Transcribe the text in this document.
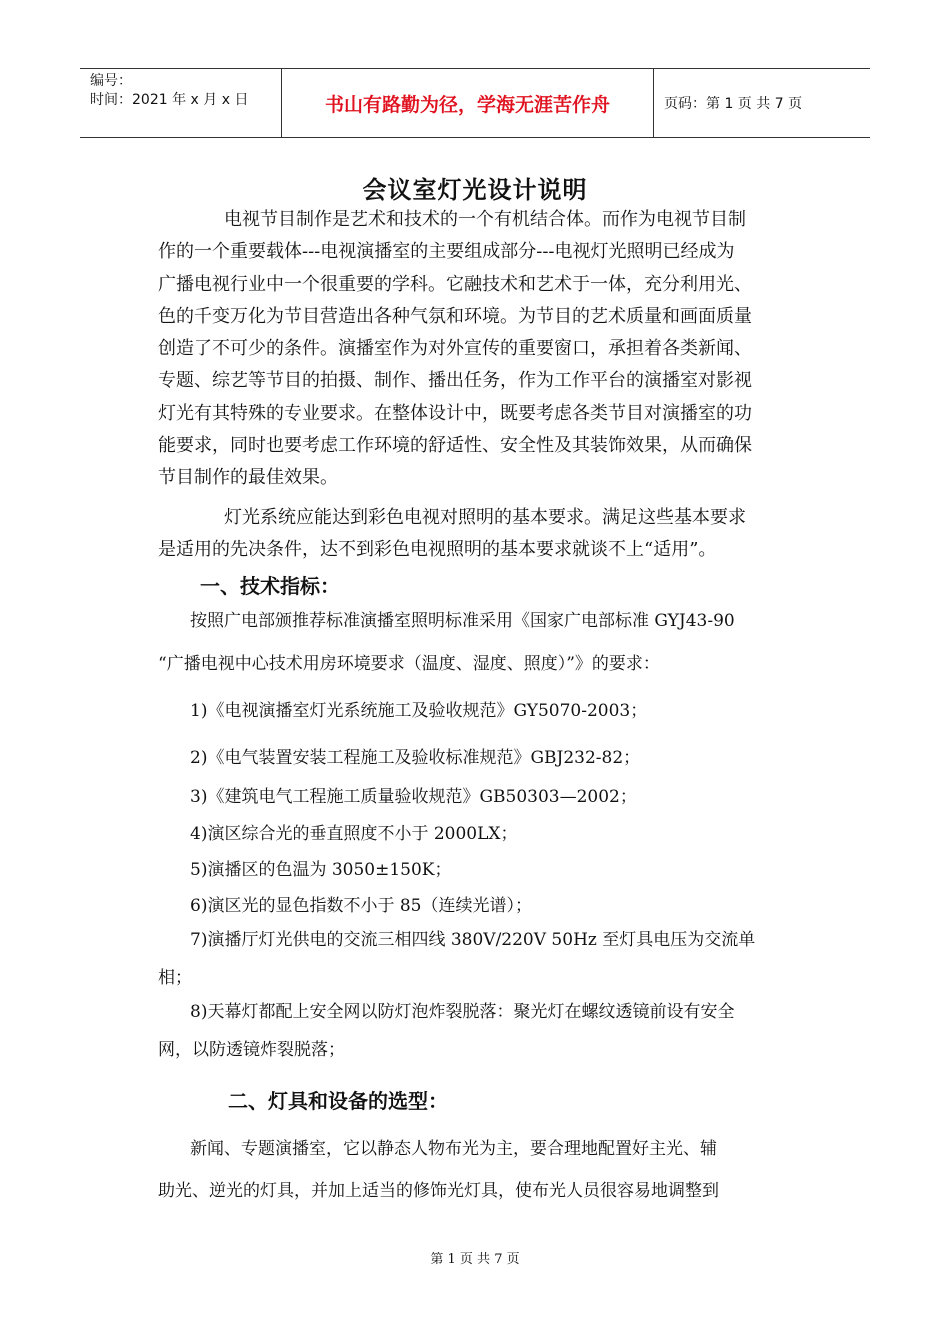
编号：
时间：2021 年 x 月 x 日	书山有路勤为径，学海无涯苦作舟	页码：第 1 页 共 7 页
会议室灯光设计说明
电视节目制作是艺术和技术的一个有机结合体。而作为电视节目制
作的一个重要载体---电视演播室的主要组成部分---电视灯光照明已经成为
广播电视行业中一个很重要的学科。它融技术和艺术于一体，充分利用光、
色的千变万化为节目营造出各种气氛和环境。为节目的艺术质量和画面质量
创造了不可少的条件。演播室作为对外宣传的重要窗口，承担着各类新闻、
专题、综艺等节目的拍摄、制作、播出任务，作为工作平台的演播室对影视
灯光有其特殊的专业要求。在整体设计中，既要考虑各类节目对演播室的功
能要求，同时也要考虑工作环境的舒适性、安全性及其装饰效果，从而确保
节目制作的最佳效果。
灯光系统应能达到彩色电视对照明的基本要求。满足这些基本要求
是适用的先决条件，达不到彩色电视照明的基本要求就谈不上“适用”。
一、技术指标：
按照广电部颁推荐标准演播室照明标准采用《国家广电部标准 GYJ43-90
“广播电视中心技术用房环境要求（温度、湿度、照度）”》的要求：
1)《电视演播室灯光系统施工及验收规范》GY5070-2003；
2)《电气装置安装工程施工及验收标准规范》GBJ232-82；
3)《建筑电气工程施工质量验收规范》GB50303—2002；
4)演区综合光的垂直照度不小于 2000LX；
5)演播区的色温为 3050±150K；
6)演区光的显色指数不小于 85（连续光谱）；
7)演播厅灯光供电的交流三相四线 380V/220V 50Hz 至灯具电压为交流单
相；
8)天幕灯都配上安全网以防灯泡炸裂脱落：聚光灯在螺纹透镜前设有安全
网，以防透镜炸裂脱落；
二、灯具和设备的选型：
新闻、专题演播室，它以静态人物布光为主，要合理地配置好主光、辅
助光、逆光的灯具，并加上适当的修饰光灯具，使布光人员很容易地调整到
第 1 页 共 7 页
